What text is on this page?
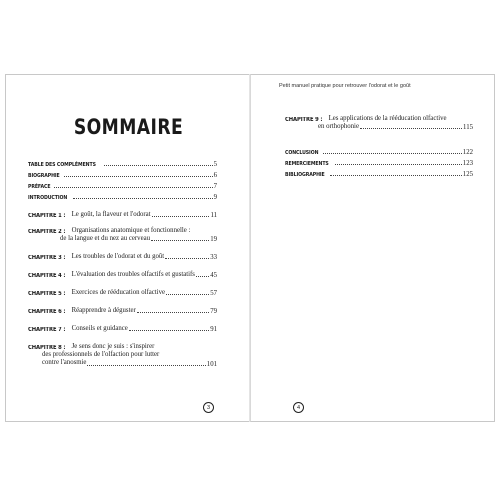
SOMMAIRE
TABLE DES COMPLÉMENTS	5
BIOGRAPHIE	6
PRÉFACE	7
INTRODUCTION	9
CHAPITRE 1 : Le goût, la flaveur et l'odorat	11
CHAPITRE 2 : Organisations anatomique et fonctionnelle :
de la langue et du nez au cerveau	19
CHAPITRE 3 : Les troubles de l'odorat et du goût	33
CHAPITRE 4 : L'évaluation des troubles olfactifs et gustatifs 45
CHAPITRE 5 : Exercices de rééducation olfactive	57
CHAPITRE 6 : Réapprendre à déguster	79
CHAPITRE 7 : Conseils et guidance	91
CHAPITRE 8 : Je sens donc je suis : s'inspirer
des professionnels de l'olfaction pour lutter
contre l'anosmie	101
3
Petit manuel pratique pour retrouver l'odorat et le goût
CHAPITRE 9 : Les applications de la rééducation olfactive
en orthophonie	115
CONCLUSION	122
REMERCIEMENTS	123
BIBLIOGRAPHIE	125
4
